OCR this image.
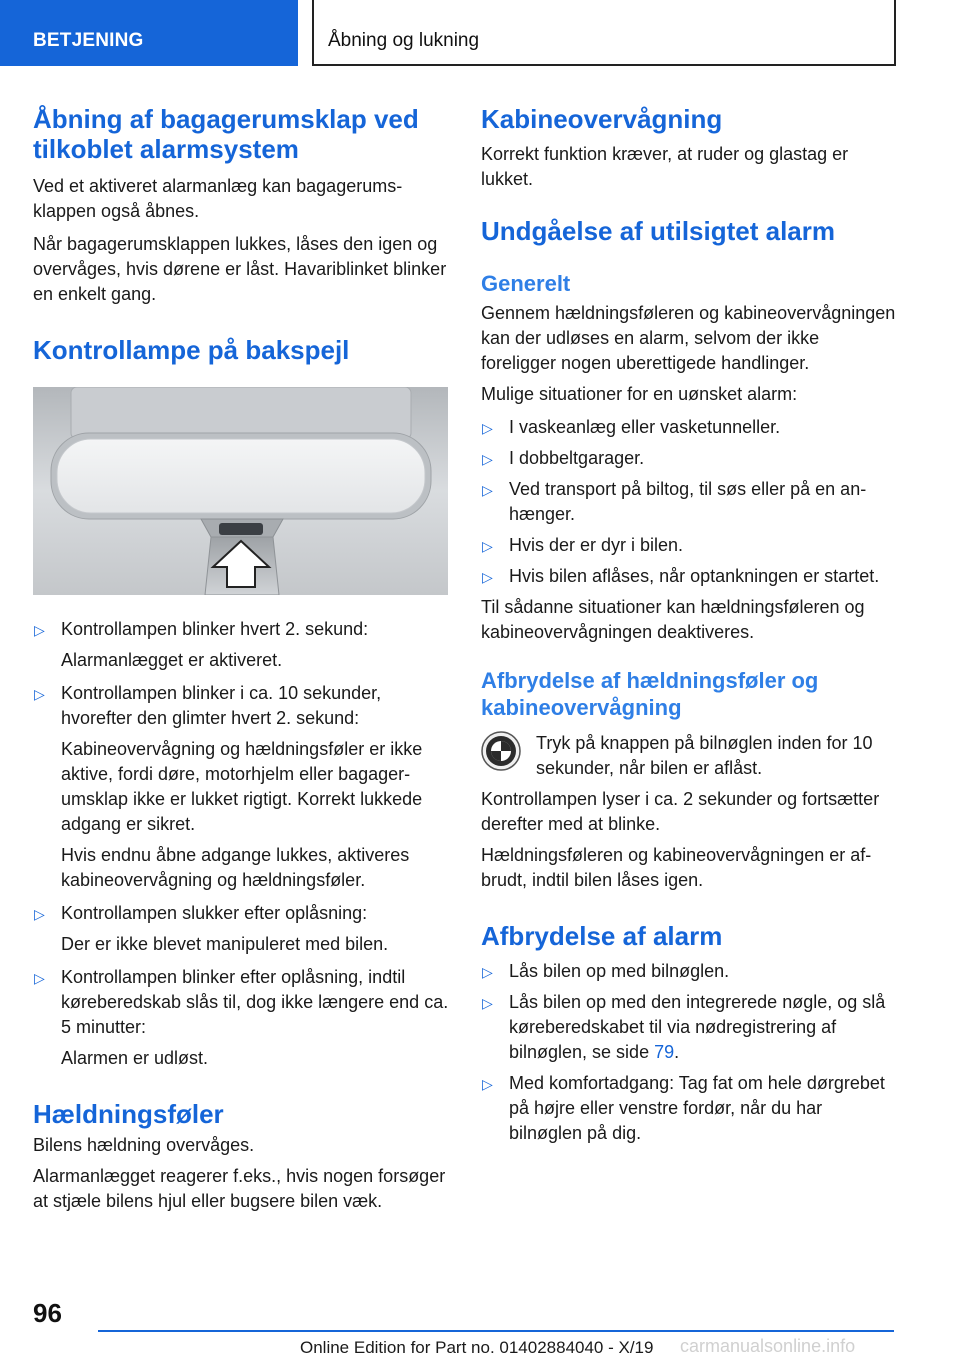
BETJENING	Åbning og lukning
Åbning af bagagerumsklap ved tilkoblet alarmsystem
Ved et aktiveret alarmanlæg kan bagagerumsklappen også åbnes.
Når bagagerumsklappen lukkes, låses den igen og overvåges, hvis dørene er låst. Havariblinket blinker en enkelt gang.
Kontrollampe på bakspejl
▷ Kontrollampen blinker hvert 2. sekund:
Alarmanlægget er aktiveret.
▷ Kontrollampen blinker i ca. 10 sekunder, hvorefter den glimter hvert 2. sekund:
Kabineovervågning og hældningsføler er ikke aktive, fordi døre, motorhjelm eller bagagerumsklap ikke er lukket rigtigt. Korrekt lukkede adgang er sikret.
Hvis endnu åbne adgange lukkes, aktiveres kabineovervågning og hældningsføler.
▷ Kontrollampen slukker efter oplåsning:
Der er ikke blevet manipuleret med bilen.
▷ Kontrollampen blinker efter oplåsning, indtil køreberedskab slås til, dog ikke længere end ca. 5 minutter:
Alarmen er udløst.
Hældningsføler
Bilens hældning overvåges.
Alarmanlægget reagerer f.eks., hvis nogen forsøger at stjæle bilens hjul eller bugsere bilen væk.
Kabineovervågning
Korrekt funktion kræver, at ruder og glastag er lukket.
Undgåelse af utilsigtet alarm
Generelt
Gennem hældningsføleren og kabineovervågningen kan der udløses en alarm, selvom der ikke foreligger nogen uberettigede handlinger.
Mulige situationer for en uønsket alarm:
▷ I vaskeanlæg eller vasketunneller.
▷ I dobbeltgarager.
▷ Ved transport på biltog, til søs eller på en anhænger.
▷ Hvis der er dyr i bilen.
▷ Hvis bilen aflåses, når optankningen er startet.
Til sådanne situationer kan hældningsføleren og kabineovervågningen deaktiveres.
Afbrydelse af hældningsføler og kabineovervågning
Tryk på knappen på bilnøglen inden for 10 sekunder, når bilen er aflåst.
Kontrollampen lyser i ca. 2 sekunder og fortsætter derefter med at blinke.
Hældningsføleren og kabineovervågningen er afbrudt, indtil bilen låses igen.
Afbrydelse af alarm
▷ Lås bilen op med bilnøglen.
▷ Lås bilen op med den integrerede nøgle, og slå køreberedskabet til via nødregistrering af bilnøglen, se side 79.
▷ Med komfortadgang: Tag fat om hele dørgrebet på højre eller venstre fordør, når du har bilnøglen på dig.
96
Online Edition for Part no. 01402884040 - X/19 carmanualsonline.info
